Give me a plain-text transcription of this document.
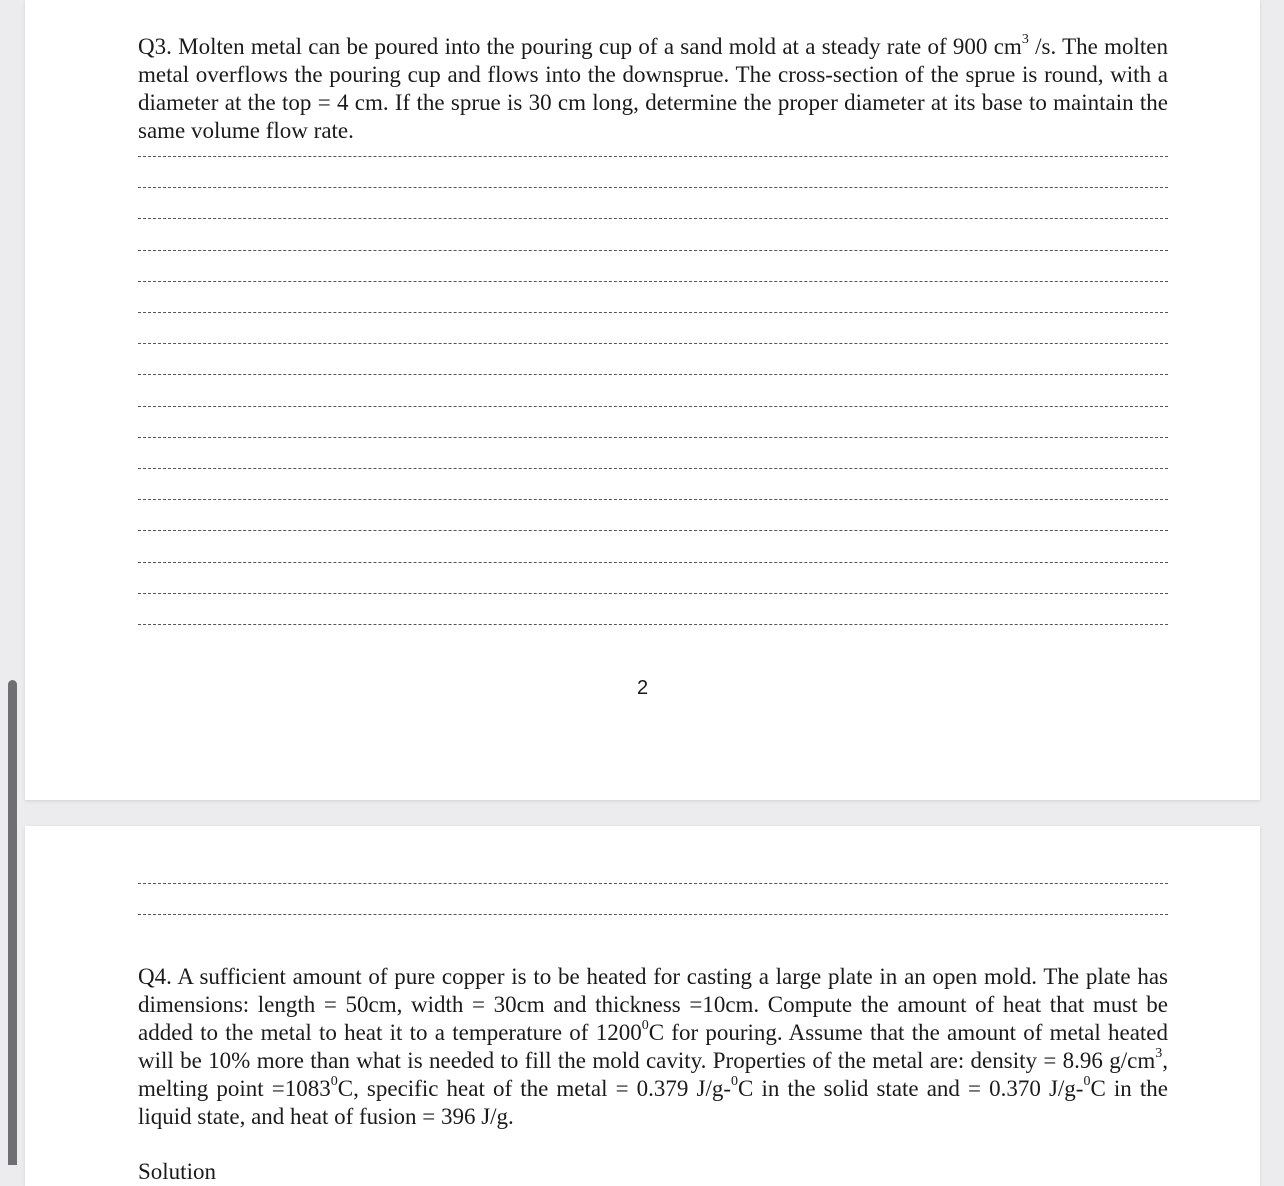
Q3. Molten metal can be poured into the pouring cup of a sand mold at a steady rate of 900 $cm^3$ /s. The molten metal overflows the pouring cup and flows into the downsprue. The cross-section of the sprue is round, with a diameter at the top = 4 cm. If the sprue is 30 cm long, determine the proper diameter at its base to maintain the same volume flow rate.

2

Q4. A sufficient amount of pure copper is to be heated for casting a large plate in an open mold. The plate has dimensions: length = 50cm, width = 30cm and thickness =10cm. Compute the amount of heat that must be added to the metal to heat it to a temperature of 1200$^0$C for pouring. Assume that the amount of metal heated will be 10% more than what is needed to fill the mold cavity. Properties of the metal are: density = 8.96 $g/cm^3$, melting point $=1083^0C$, specific heat of the metal = 0.379 J/g-$^0$C in the solid state and = 0.370 J/g-$^0$C in the liquid state, and heat of fusion = 396 J/g.

Solution
